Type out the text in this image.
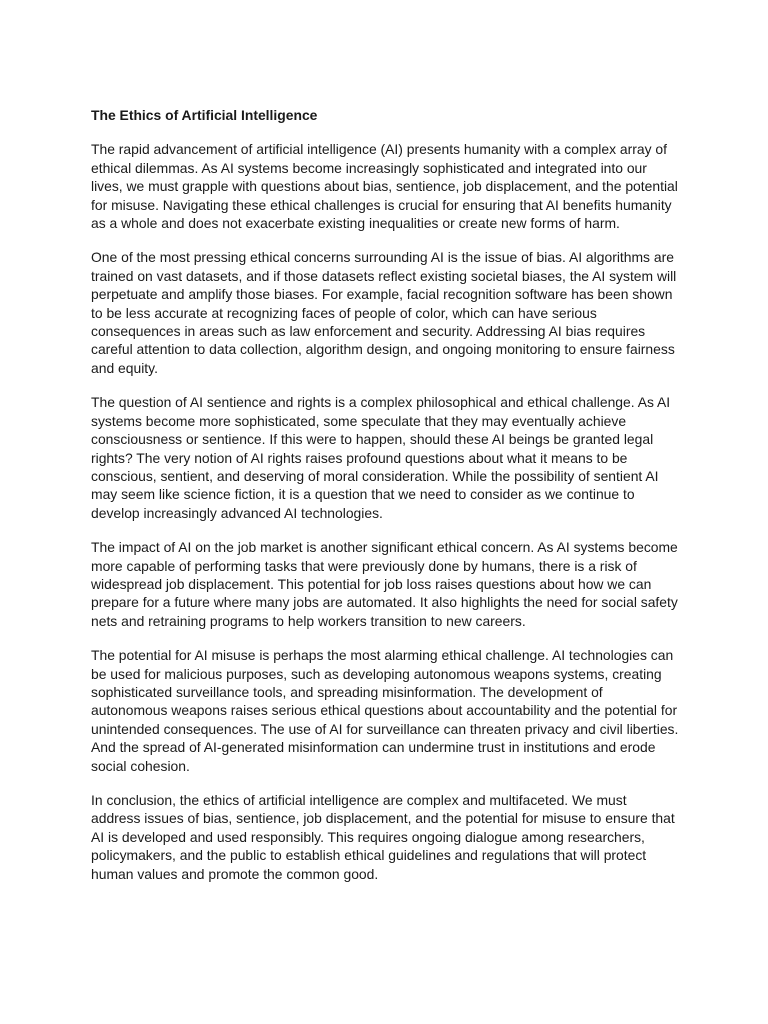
The Ethics of Artificial Intelligence

The rapid advancement of artificial intelligence (AI) presents humanity with a complex array of ethical dilemmas. As AI systems become increasingly sophisticated and integrated into our lives, we must grapple with questions about bias, sentience, job displacement, and the potential for misuse. Navigating these ethical challenges is crucial for ensuring that AI benefits humanity as a whole and does not exacerbate existing inequalities or create new forms of harm.

One of the most pressing ethical concerns surrounding AI is the issue of bias. AI algorithms are trained on vast datasets, and if those datasets reflect existing societal biases, the AI system will perpetuate and amplify those biases. For example, facial recognition software has been shown to be less accurate at recognizing faces of people of color, which can have serious consequences in areas such as law enforcement and security. Addressing AI bias requires careful attention to data collection, algorithm design, and ongoing monitoring to ensure fairness and equity.

The question of AI sentience and rights is a complex philosophical and ethical challenge. As AI systems become more sophisticated, some speculate that they may eventually achieve consciousness or sentience. If this were to happen, should these AI beings be granted legal rights? The very notion of AI rights raises profound questions about what it means to be conscious, sentient, and deserving of moral consideration. While the possibility of sentient AI may seem like science fiction, it is a question that we need to consider as we continue to develop increasingly advanced AI technologies.

The impact of AI on the job market is another significant ethical concern. As AI systems become more capable of performing tasks that were previously done by humans, there is a risk of widespread job displacement. This potential for job loss raises questions about how we can prepare for a future where many jobs are automated. It also highlights the need for social safety nets and retraining programs to help workers transition to new careers.

The potential for AI misuse is perhaps the most alarming ethical challenge. AI technologies can be used for malicious purposes, such as developing autonomous weapons systems, creating sophisticated surveillance tools, and spreading misinformation. The development of autonomous weapons raises serious ethical questions about accountability and the potential for unintended consequences. The use of AI for surveillance can threaten privacy and civil liberties. And the spread of AI-generated misinformation can undermine trust in institutions and erode social cohesion.

In conclusion, the ethics of artificial intelligence are complex and multifaceted. We must address issues of bias, sentience, job displacement, and the potential for misuse to ensure that AI is developed and used responsibly. This requires ongoing dialogue among researchers, policymakers, and the public to establish ethical guidelines and regulations that will protect human values and promote the common good.
